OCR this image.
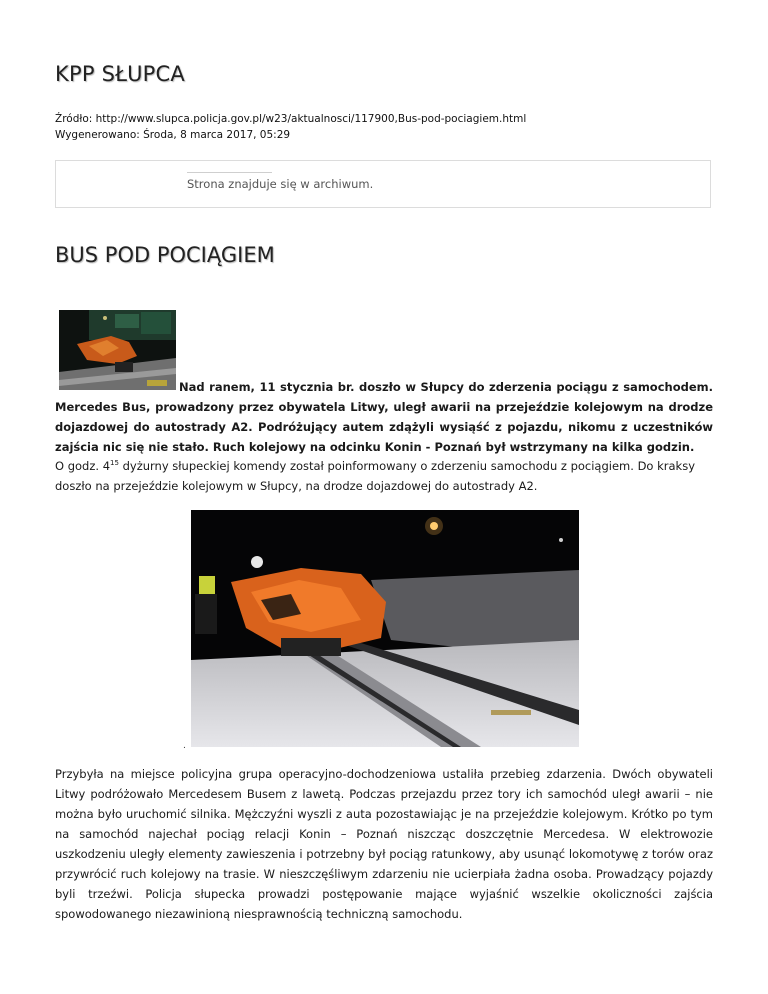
KPP SŁUPCA
Źródło: http://www.slupca.policja.gov.pl/w23/aktualnosci/117900,Bus-pod-pociagiem.html
Wygenerowano: Środa, 8 marca 2017, 05:29
Strona znajduje się w archiwum.
BUS POD POCIĄGIEM

Nad ranem, 11 stycznia br. doszło w Słupcy do zderzenia pociągu z samochodem. Mercedes Bus, prowadzony przez obywatela Litwy, uległ awarii na przejeździe kolejowym na drodze dojazdowej do autostrady A2. Podróżujący autem zdążyli wysiąść z pojazdu, nikomu z uczestników zajścia nic się nie stało. Ruch kolejowy na odcinku Konin - Poznań był wstrzymany na kilka godzin.

O godz. $4^{15}$ dyżurny słupeckiej komendy został poinformowany o zderzeniu samochodu z pociągiem. Do kraksy doszło na przejeździe kolejowym w Słupcy, na drodze dojazdowej do autostrady A2.

.

Przybyła na miejsce policyjna grupa operacyjno-dochodzeniowa ustaliła przebieg zdarzenia. Dwóch obywateli Litwy podróżowało Mercedesem Busem z lawetą. Podczas przejazdu przez tory ich samochód uległ awarii – nie można było uruchomić silnika. Mężczyźni wyszli z auta pozostawiając je na przejeździe kolejowym. Krótko po tym na samochód najechał pociąg relacji Konin – Poznań niszcząc doszczętnie Mercedesa. W elektrowozie uszkodzeniu uległy elementy zawieszenia i potrzebny był pociąg ratunkowy, aby usunąć lokomotywę z torów oraz przywrócić ruch kolejowy na trasie. W nieszczęśliwym zdarzeniu nie ucierpiała żadna osoba. Prowadzący pojazdy byli trzeźwi. Policja słupecka prowadzi postępowanie mające wyjaśnić wszelkie okoliczności zajścia spowodowanego niezawinioną niesprawnością techniczną samochodu.
